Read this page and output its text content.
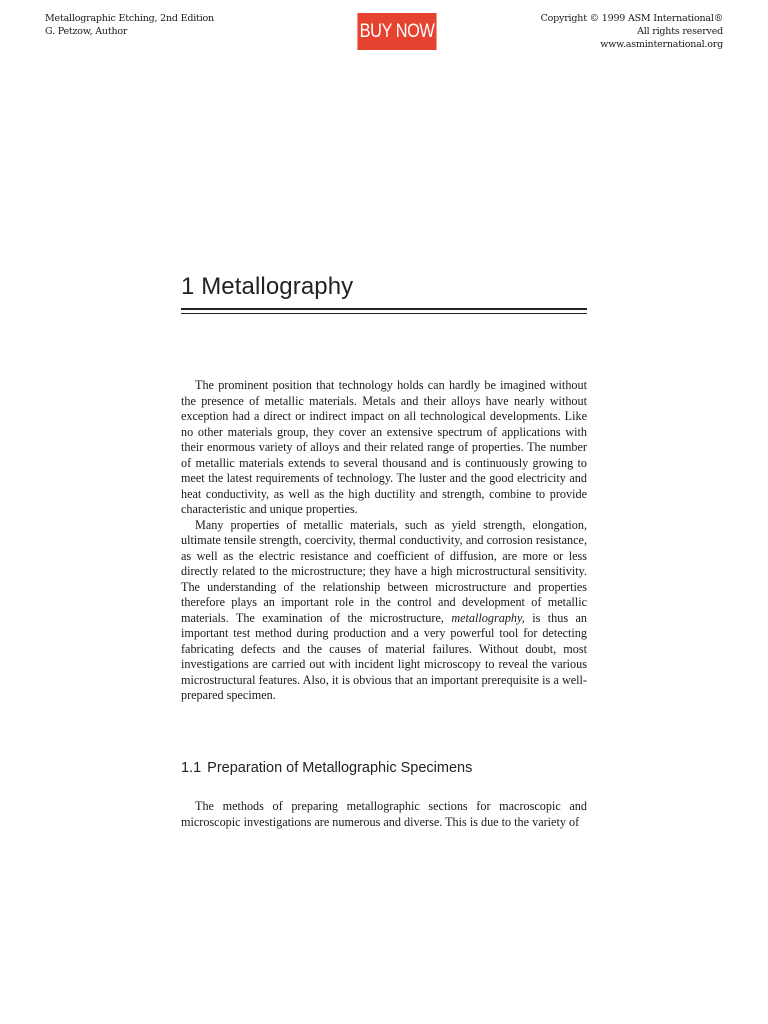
Metallographic Etching, 2nd Edition
G. Petzow, Author	BUY NOW
Copyright © 1999 ASM International®
All rights reserved
www.asminternational.org
1 Metallography

The prominent position that technology holds can hardly be imagined without the presence of metallic materials. Metals and their alloys have nearly without exception had a direct or indirect impact on all technological developments. Like no other materials group, they cover an extensive spectrum of applications with their enormous variety of alloys and their related range of properties. The number of metallic materials extends to several thousand and is continuously growing to meet the latest requirements of technology. The luster and the good electricity and heat conductivity, as well as the high ductility and strength, combine to provide characteristic and unique properties.

Many properties of metallic materials, such as yield strength, elongation, ultimate tensile strength, coercivity, thermal conductivity, and corrosion resistance, as well as the electric resistance and coefficient of diffusion, are more or less directly related to the microstructure; they have a high microstructural sensitivity. The understanding of the relationship between microstructure and properties therefore plays an important role in the control and development of metallic materials. The examination of the microstructure, metallography, is thus an important test method during production and a very powerful tool for detecting fabricating defects and the causes of material failures. Without doubt, most investigations are carried out with incident light microscopy to reveal the various microstructural features. Also, it is obvious that an important prerequisite is a well-prepared specimen.

1.1 Preparation of Metallographic Specimens

The methods of preparing metallographic sections for macroscopic and microscopic investigations are numerous and diverse. This is due to the variety of
